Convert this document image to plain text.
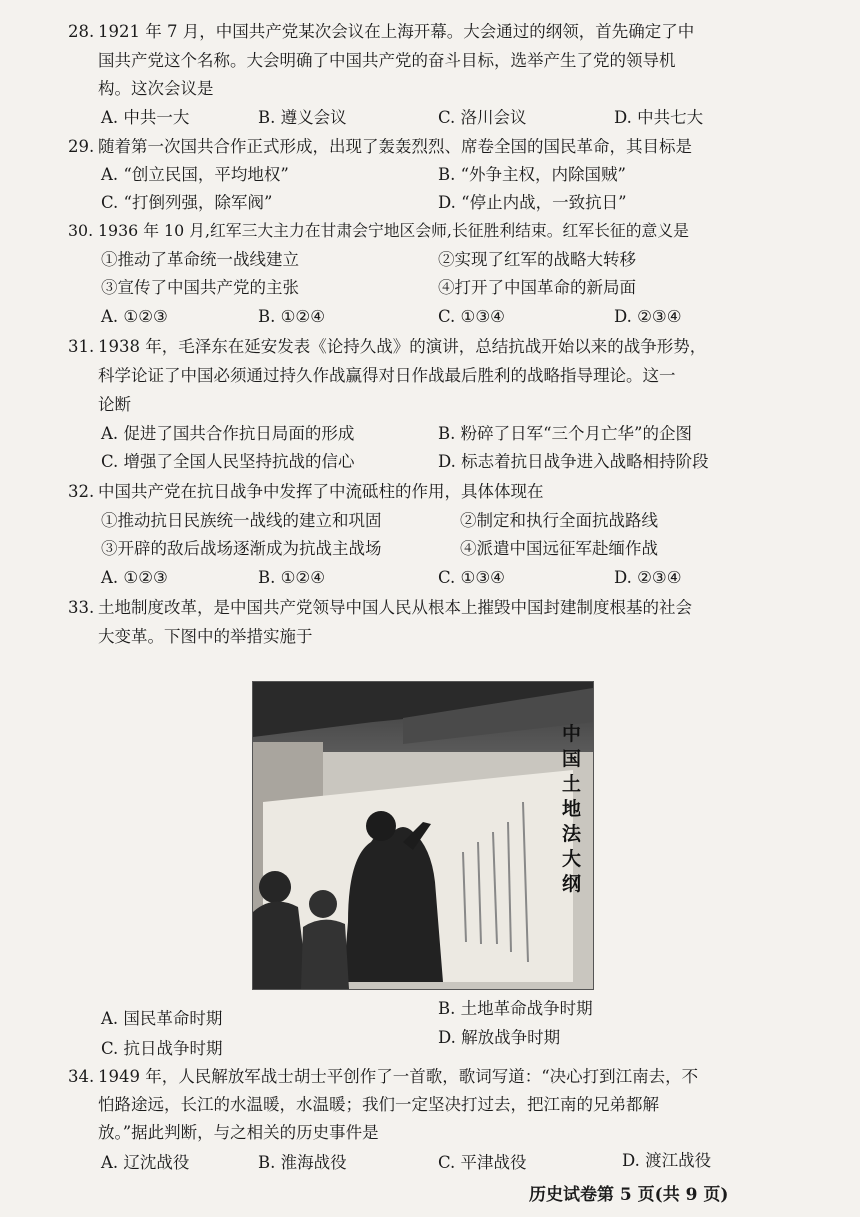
28. 1921 年 7 月，中国共产党某次会议在上海开幕。大会通过的纲领，首先确定了中
国共产党这个名称。大会明确了中国共产党的奋斗目标，选举产生了党的领导机
构。这次会议是
A. 中共一大	B. 遵义会议	C. 洛川会议	D. 中共七大
29. 随着第一次国共合作正式形成，出现了轰轰烈烈、席卷全国的国民革命，其目标是
A. “创立民国，平均地权”	B. “外争主权，内除国贼”
C. “打倒列强，除军阀”	D. “停止内战，一致抗日”
30. 1936 年 10 月,红军三大主力在甘肃会宁地区会师,长征胜利结束。红军长征的意义是
①推动了革命统一战线建立	②实现了红军的战略大转移
③宣传了中国共产党的主张	④打开了中国革命的新局面
A. ①②③	B. ①②④	C. ①③④	D. ②③④
31. 1938 年，毛泽东在延安发表《论持久战》的演讲，总结抗战开始以来的战争形势，
科学论证了中国必须通过持久作战赢得对日作战最后胜利的战略指导理论。这一
论断
A. 促进了国共合作抗日局面的形成	B. 粉碎了日军“三个月亡华”的企图
C. 增强了全国人民坚持抗战的信心	D. 标志着抗日战争进入战略相持阶段
32. 中国共产党在抗日战争中发挥了中流砥柱的作用，具体体现在
①推动抗日民族统一战线的建立和巩固	②制定和执行全面抗战路线
③开辟的敌后战场逐渐成为抗战主战场	④派遣中国远征军赴缅作战
A. ①②③	B. ①②④	C. ①③④	D. ②③④
33. 土地制度改革，是中国共产党领导中国人民从根本上摧毁中国封建制度根基的社会
大变革。下图中的举措实施于
中
国
土
地
法
大
纲
A. 国民革命时期
B. 土地革命战争时期
C. 抗日战争时期
D. 解放战争时期
34. 1949 年，人民解放军战士胡士平创作了一首歌，歌词写道：“决心打到江南去，不
怕路途远，长江的水温暖，水温暖；我们一定坚决打过去，把江南的兄弟都解
放。”据此判断，与之相关的历史事件是
A. 辽沈战役	B. 淮海战役	C. 平津战役	D. 渡江战役
历史试卷第 5 页(共 9 页)
